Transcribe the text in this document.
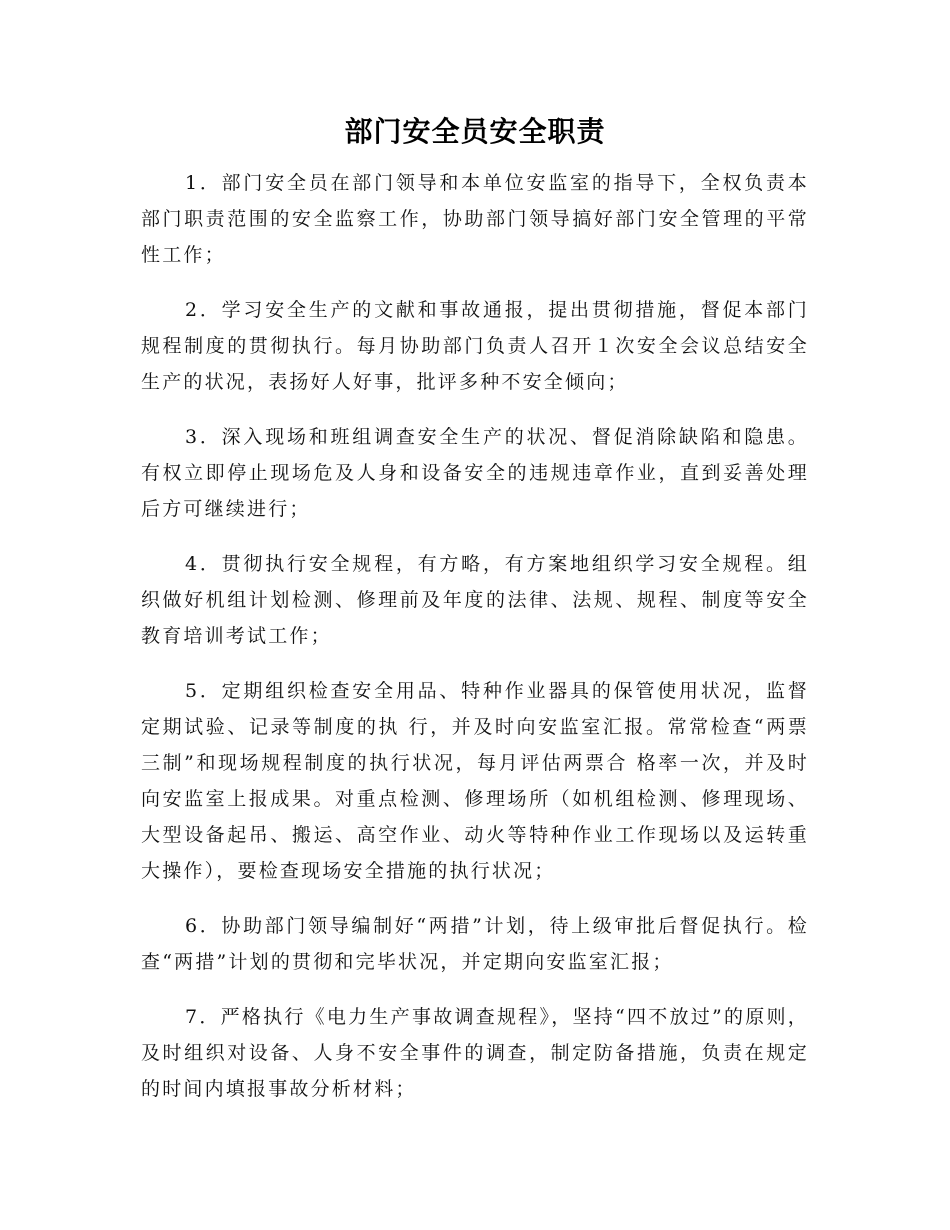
部门安全员安全职责

1．部门安全员在部门领导和本单位安监室的指导下，全权负责本部门职责范围的安全监察工作，协助部门领导搞好部门安全管理的平常性工作；

2．学习安全生产的文献和事故通报，提出贯彻措施，督促本部门规程制度的贯彻执行。每月协助部门负责人召开１次安全会议总结安全生产的状况，表扬好人好事，批评多种不安全倾向；

3．深入现场和班组调查安全生产的状况、督促消除缺陷和隐患。有权立即停止现场危及人身和设备安全的违规违章作业，直到妥善处理后方可继续进行；

4．贯彻执行安全规程，有方略，有方案地组织学习安全规程。组织做好机组计划检测、修理前及年度的法律、法规、规程、制度等安全教育培训考试工作；

5．定期组织检查安全用品、特种作业器具的保管使用状况，监督定期试验、记录等制度的执 行，并及时向安监室汇报。常常检查“两票三制”和现场规程制度的执行状况，每月评估两票合 格率一次，并及时向安监室上报成果。对重点检测、修理场所（如机组检测、修理现场、大型设备起吊、搬运、高空作业、动火等特种作业工作现场以及运转重大操作），要检查现场安全措施的执行状况；

6．协助部门领导编制好“两措”计划，待上级审批后督促执行。检查“两措”计划的贯彻和完毕状况，并定期向安监室汇报；

7．严格执行《电力生产事故调查规程》，坚持“四不放过”的原则，及时组织对设备、人身不安全事件的调查，制定防备措施，负责在规定的时间内填报事故分析材料；
